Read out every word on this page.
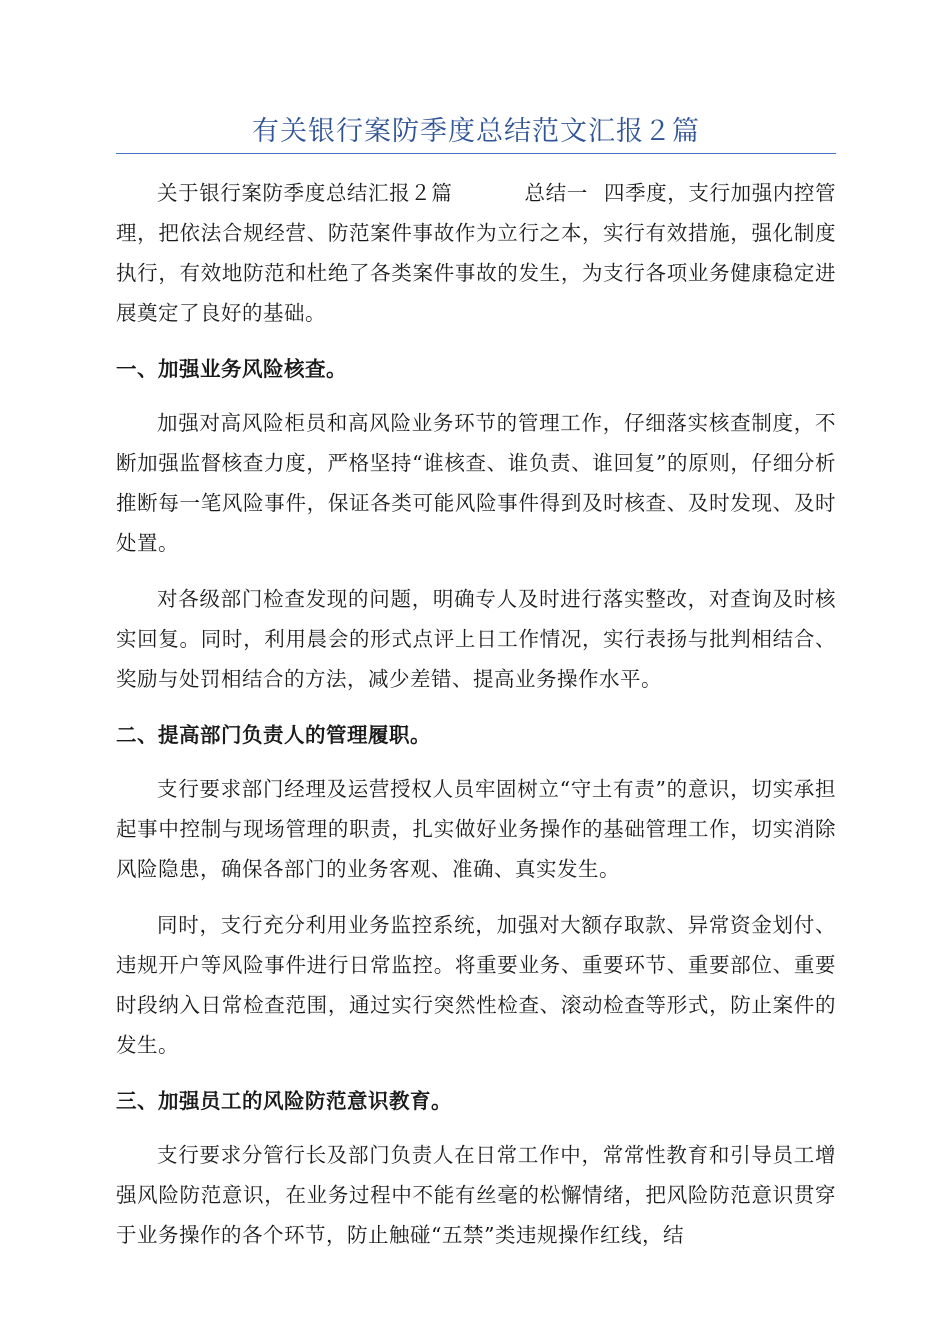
有关银行案防季度总结范文汇报２篇

关于银行案防季度总结汇报２篇	总结一 四季度，支行加强内控管理，把依法合规经营、防范案件事故作为立行之本，实行有效措施，强化制度执行，有效地防范和杜绝了各类案件事故的发生，为支行各项业务健康稳定进展奠定了良好的基础。

一、加强业务风险核查。

加强对高风险柜员和高风险业务环节的管理工作，仔细落实核查制度，不断加强监督核查力度，严格坚持“谁核查、谁负责、谁回复”的原则，仔细分析推断每一笔风险事件，保证各类可能风险事件得到及时核查、及时发现、及时处置。

对各级部门检查发现的问题，明确专人及时进行落实整改，对查询及时核实回复。同时，利用晨会的形式点评上日工作情况，实行表扬与批判相结合、奖励与处罚相结合的方法，减少差错、提高业务操作水平。

二、提高部门负责人的管理履职。

支行要求部门经理及运营授权人员牢固树立“守土有责”的意识，切实承担起事中控制与现场管理的职责，扎实做好业务操作的基础管理工作，切实消除风险隐患，确保各部门的业务客观、准确、真实发生。

同时，支行充分利用业务监控系统，加强对大额存取款、异常资金划付、违规开户等风险事件进行日常监控。将重要业务、重要环节、重要部位、重要时段纳入日常检查范围，通过实行突然性检查、滚动检查等形式，防止案件的发生。

三、加强员工的风险防范意识教育。

支行要求分管行长及部门负责人在日常工作中，常常性教育和引导员工增强风险防范意识，在业务过程中不能有丝毫的松懈情绪，把风险防范意识贯穿于业务操作的各个环节，防止触碰“五禁”类违规操作红线，结
